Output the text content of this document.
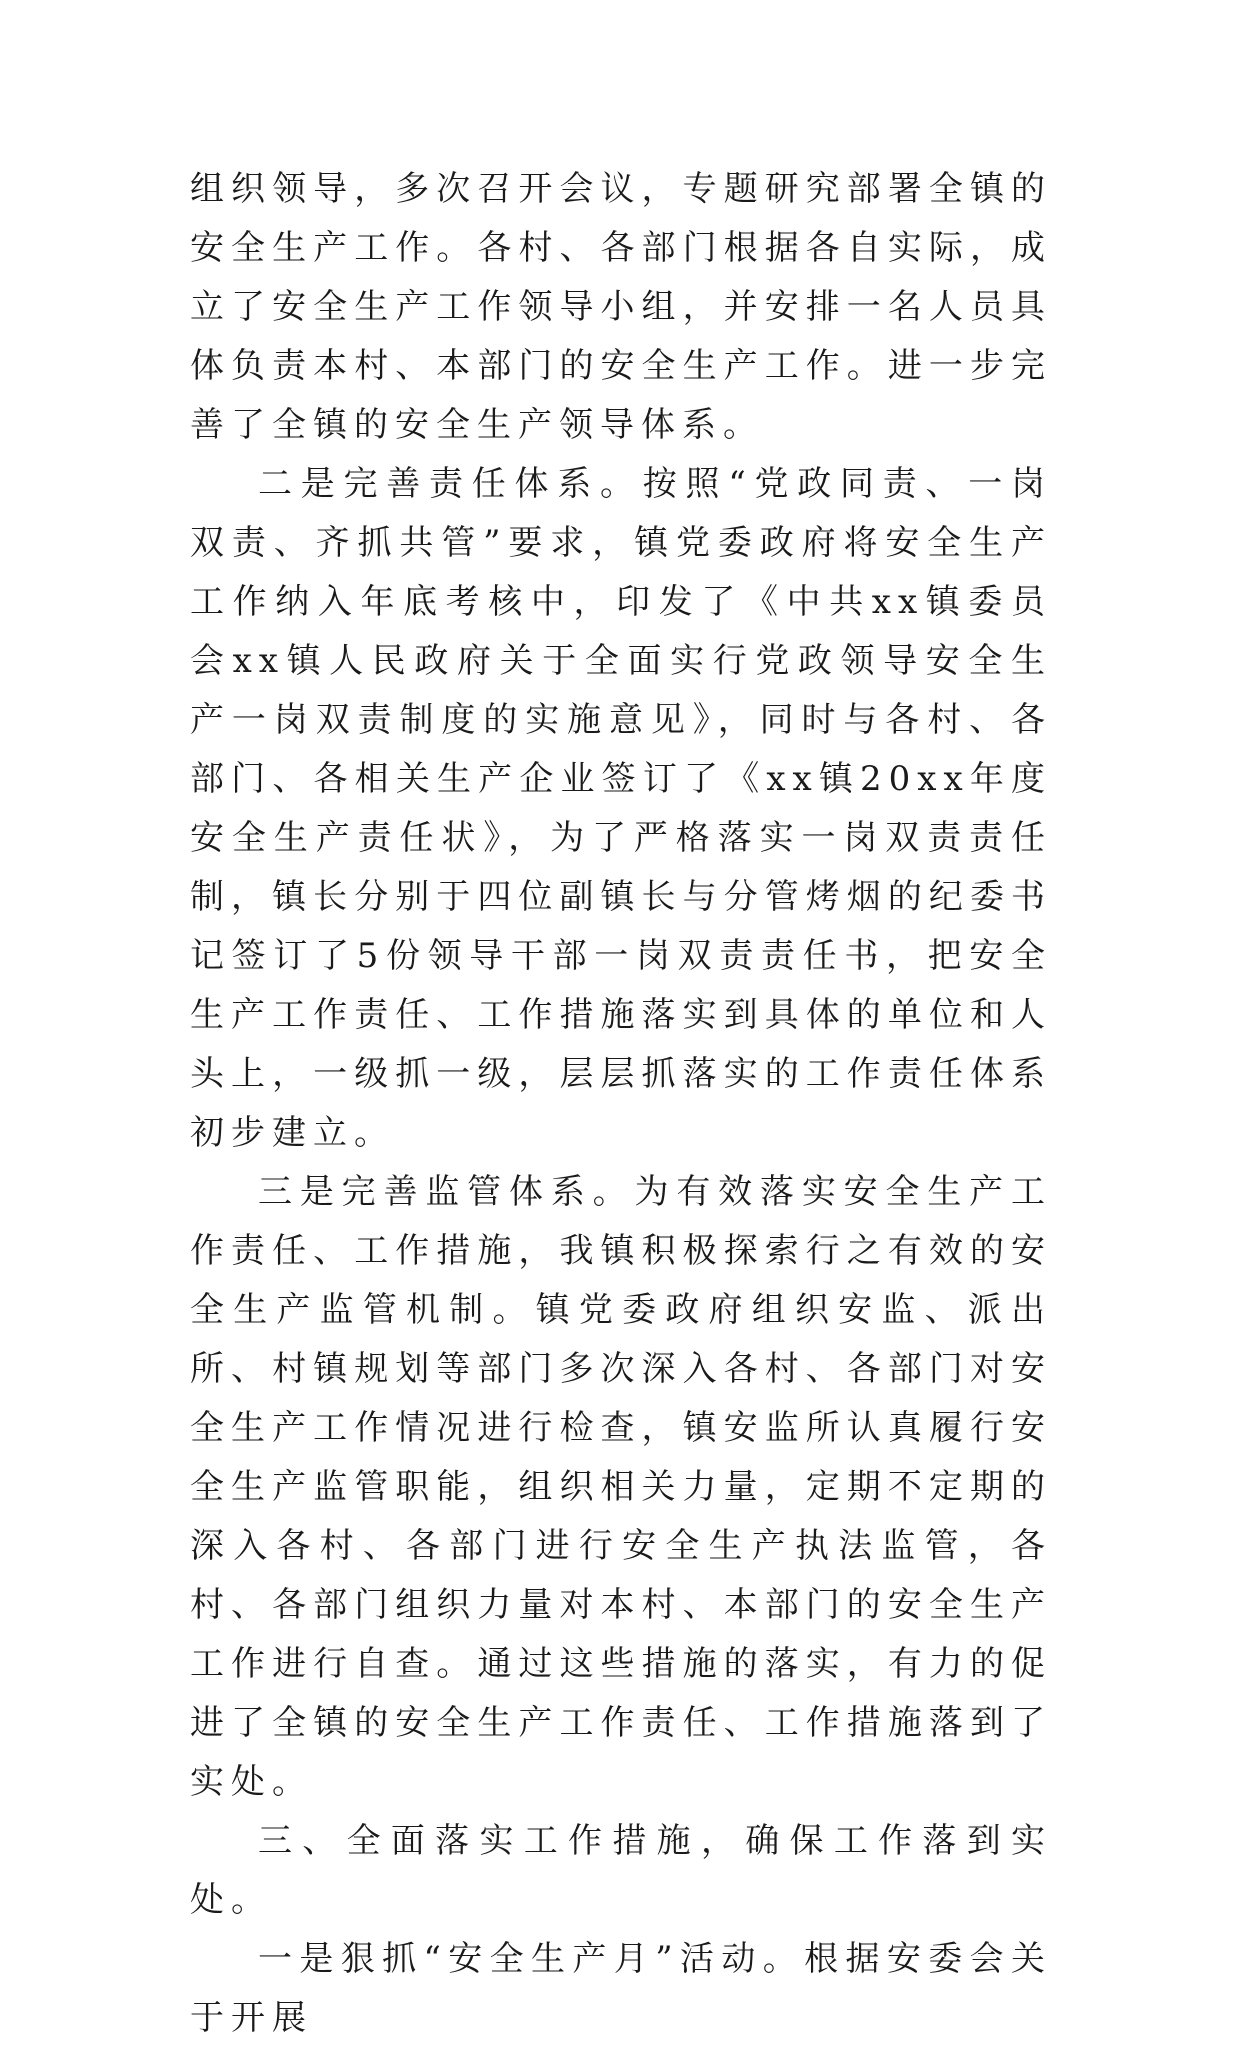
组织领导，多次召开会议，专题研究部署全镇的安全生产工作。各村、各部门根据各自实际，成立了安全生产工作领导小组，并安排一名人员具体负责本村、本部门的安全生产工作。进一步完善了全镇的安全生产领导体系。

二是完善责任体系。按照“党政同责、一岗双责、齐抓共管”要求，镇党委政府将安全生产工作纳入年底考核中，印发了《中共xx镇委员会xx镇人民政府关于全面实行党政领导安全生产一岗双责制度的实施意见》，同时与各村、各部门、各相关生产企业签订了《xx镇20xx年度安全生产责任状》，为了严格落实一岗双责责任制，镇长分别于四位副镇长与分管烤烟的纪委书记签订了5份领导干部一岗双责责任书，把安全生产工作责任、工作措施落实到具体的单位和人头上，一级抓一级，层层抓落实的工作责任体系初步建立。

三是完善监管体系。为有效落实安全生产工作责任、工作措施，我镇积极探索行之有效的安全生产监管机制。镇党委政府组织安监、派出所、村镇规划等部门多次深入各村、各部门对安全生产工作情况进行检查，镇安监所认真履行安全生产监管职能，组织相关力量，定期不定期的深入各村、各部门进行安全生产执法监管，各村、各部门组织力量对本村、本部门的安全生产工作进行自查。通过这些措施的落实，有力的促进了全镇的安全生产工作责任、工作措施落到了实处。

三、全面落实工作措施，确保工作落到实处。

一是狠抓“安全生产月”活动。根据安委会关于开展
